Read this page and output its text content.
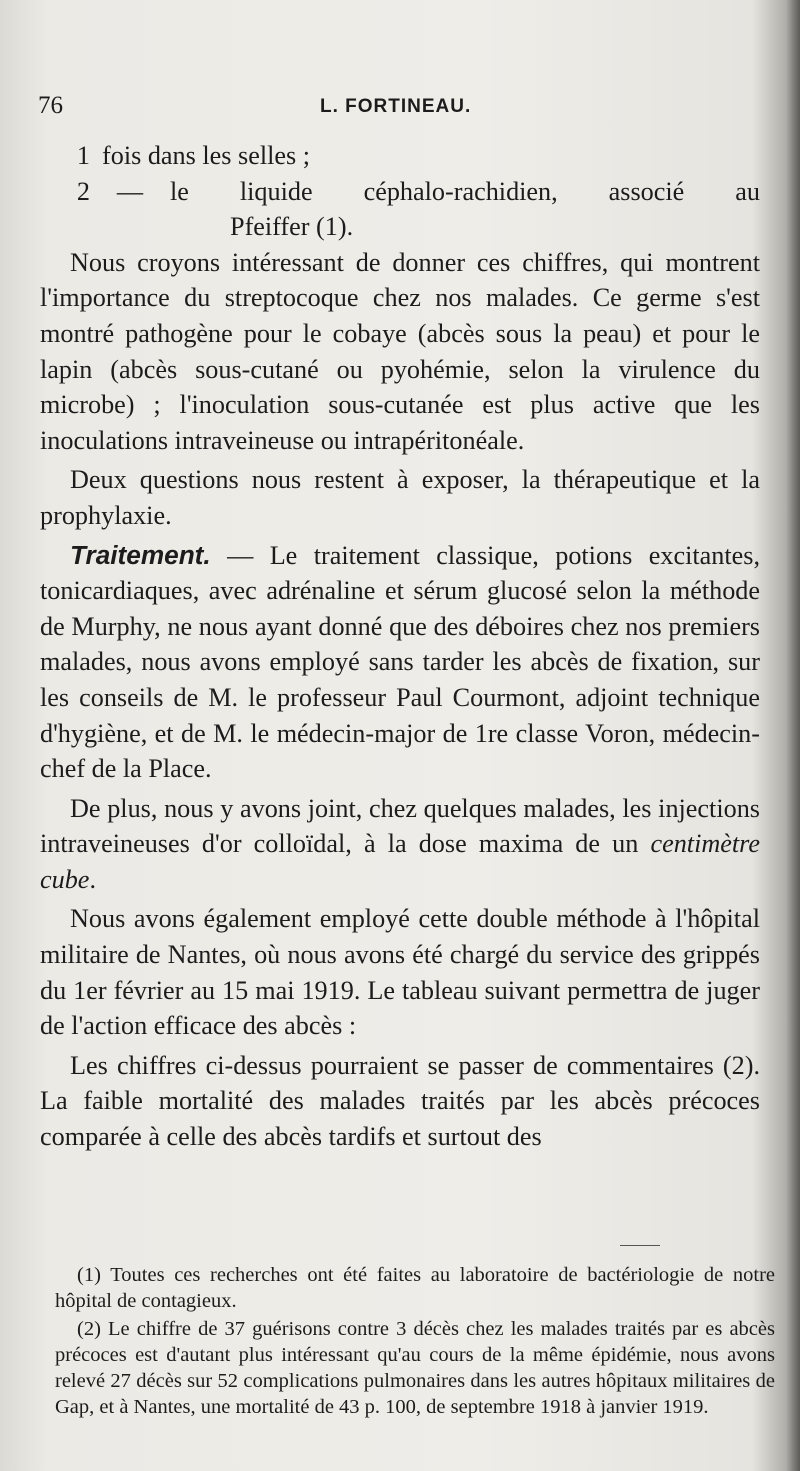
76	L. FORTINEAU.
1 fois dans les selles ;
2	—	le liquide céphalo-rachidien, associé au
Pfeiffer (1).

Nous croyons intéressant de donner ces chiffres, qui montrent l'importance du streptocoque chez nos malades. Ce germe s'est montré pathogène pour le cobaye (abcès sous la peau) et pour le lapin (abcès sous-cutané ou pyohémie, selon la virulence du microbe) ; l'inoculation sous-cutanée est plus active que les inoculations intraveineuse ou intrapéritonéale.

Deux questions nous restent à exposer, la thérapeutique et la prophylaxie.

Traitement. — Le traitement classique, potions excitantes, tonicardiaques, avec adrénaline et sérum glucosé selon la méthode de Murphy, ne nous ayant donné que des déboires chez nos premiers malades, nous avons employé sans tarder les abcès de fixation, sur les conseils de M. le professeur Paul Courmont, adjoint technique d'hygiène, et de M. le médecin-major de 1re classe Voron, médecin-chef de la Place.

De plus, nous y avons joint, chez quelques malades, les injections intraveineuses d'or colloïdal, à la dose maxima de un centimètre cube.

Nous avons également employé cette double méthode à l'hôpital militaire de Nantes, où nous avons été chargé du service des grippés du 1er février au 15 mai 1919. Le tableau suivant permettra de juger de l'action efficace des abcès :

Les chiffres ci-dessus pourraient se passer de commentaires (2). La faible mortalité des malades traités par les abcès précoces comparée à celle des abcès tardifs et surtout des

(1) Toutes ces recherches ont été faites au laboratoire de bactériologie de notre hôpital de contagieux.

(2) Le chiffre de 37 guérisons contre 3 décès chez les malades traités par es abcès précoces est d'autant plus intéressant qu'au cours de la même épidémie, nous avons relevé 27 décès sur 52 complications pulmonaires dans les autres hôpitaux militaires de Gap, et à Nantes, une mortalité de 43 p. 100, de septembre 1918 à janvier 1919.
